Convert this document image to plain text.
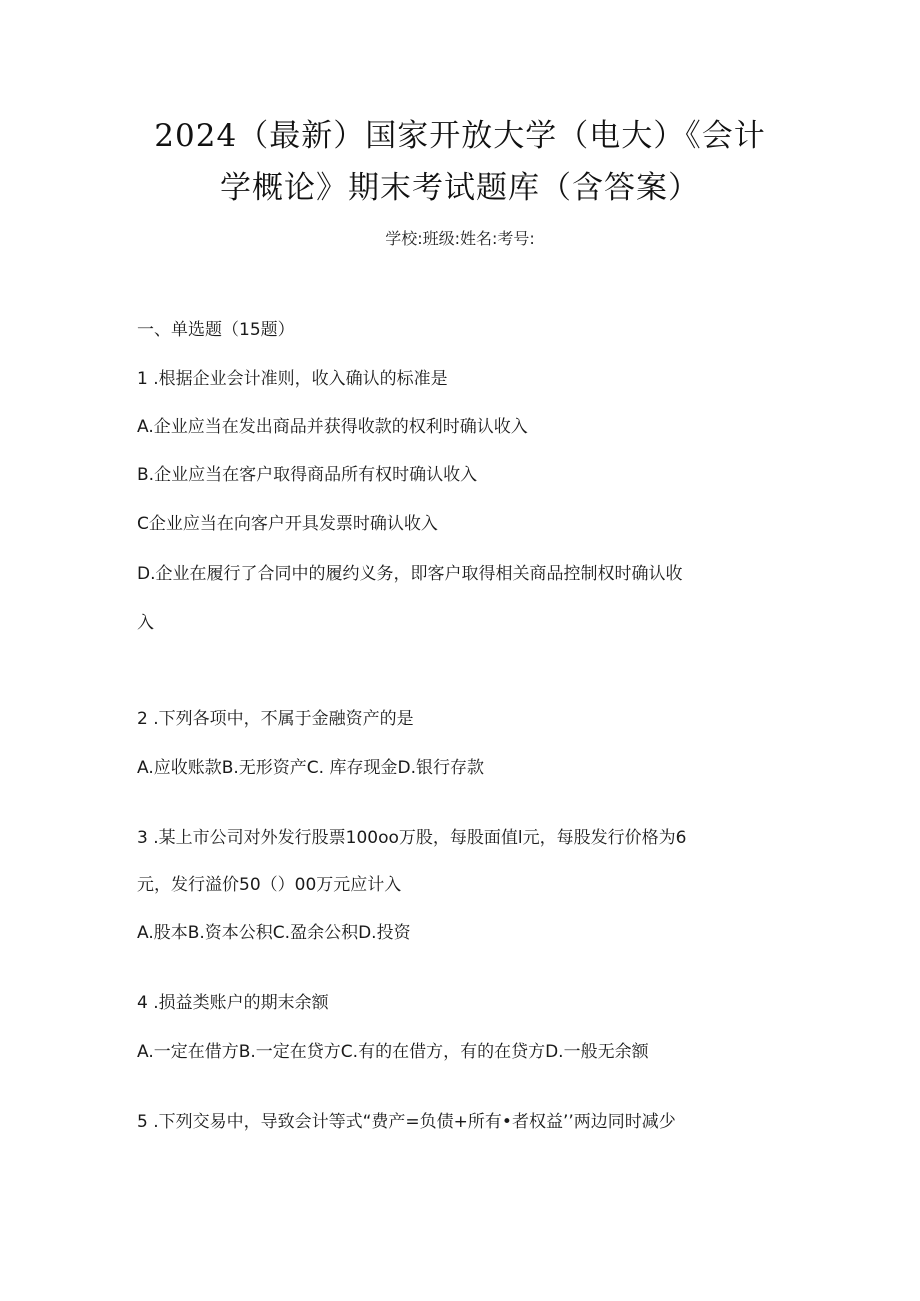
2024（最新）国家开放大学（电大）《会计
学概论》期末考试题库（含答案）
学校:班级:姓名:考号:
一、单选题（15题）
1 .根据企业会计准则，收入确认的标准是
A.企业应当在发出商品并获得收款的权利时确认收入
B.企业应当在客户取得商品所有权时确认收入
C企业应当在向客户开具发票时确认收入
D.企业在履行了合同中的履约义务，即客户取得相关商品控制权时确认收
入
2 .下列各项中，不属于金融资产的是
A.应收账款B.无形资产C. 库存现金D.银行存款
3 .某上市公司对外发行股票100oo万股，每股面值l元，每股发行价格为6
元，发行溢价50（）00万元应计入
A.股本B.资本公积C.盈余公积D.投资
4 .损益类账户的期末余额
A.一定在借方B.一定在贷方C.有的在借方，有的在贷方D.一般无余额
5 .下列交易中，导致会计等式“费产=负债+所有•者权益’’两边同时减少
